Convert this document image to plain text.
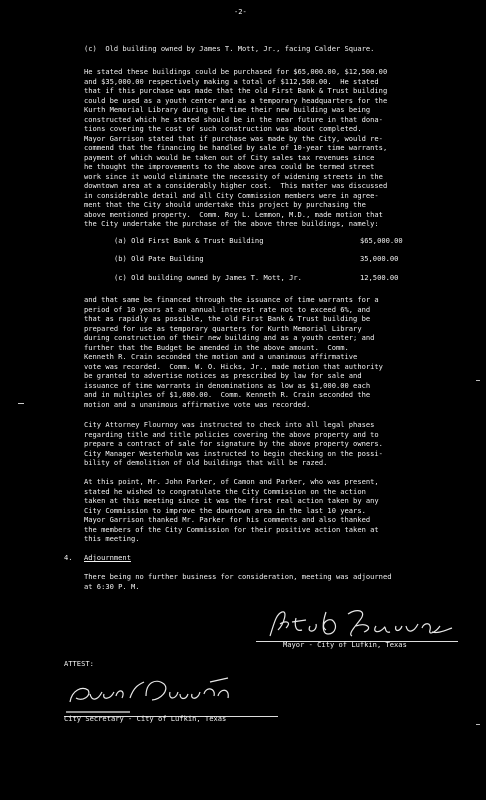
-2-
(c)  Old building owned by James T. Mott, Jr., facing Calder Square.
He stated these buildings could be purchased for $65,000.00, $12,500.00
and $35,000.00 respectively making a total of $112,500.00.  He stated
that if this purchase was made that the old First Bank & Trust building
could be used as a youth center and as a temporary headquarters for the
Kurth Memorial Library during the time their new building was being
constructed which he stated should be in the near future in that dona-
tions covering the cost of such construction was about completed.
Mayor Garrison stated that if purchase was made by the City, would re-
commend that the financing be handled by sale of 10-year time warrants,
payment of which would be taken out of City sales tax revenues since
he thought the improvements to the above area could be termed street
work since it would eliminate the necessity of widening streets in the
downtown area at a considerably higher cost.  This matter was discussed
in considerable detail and all City Commission members were in agree-
ment that the City should undertake this project by purchasing the
above mentioned property.  Comm. Roy L. Lemmon, M.D., made motion that
the City undertake the purchase of the above three buildings, namely:
(a) Old First Bank & Trust Building	$65,000.00
(b) Old Pate Building	35,000.00
(c) Old building owned by James T. Mott, Jr.	12,500.00
and that same be financed through the issuance of time warrants for a
period of 10 years at an annual interest rate not to exceed 6%, and
that as rapidly as possible, the old First Bank & Trust building be
prepared for use as temporary quarters for Kurth Memorial Library
during construction of their new building and as a youth center; and
further that the Budget be amended in the above amount.  Comm.
Kenneth R. Crain seconded the motion and a unanimous affirmative
vote was recorded.  Comm. W. O. Hicks, Jr., made motion that authority
be granted to advertise notices as prescribed by law for sale and
issuance of time warrants in denominations as low as $1,000.00 each
and in multiples of $1,000.00.  Comm. Kenneth R. Crain seconded the
motion and a unanimous affirmative vote was recorded.
City Attorney Flournoy was instructed to check into all legal phases
regarding title and title policies covering the above property and to
prepare a contract of sale for signature by the above property owners.
City Manager Westerholm was instructed to begin checking on the possi-
bility of demolition of old buildings that will be razed.
At this point, Mr. John Parker, of Camon and Parker, who was present,
stated he wished to congratulate the City Commission on the action
taken at this meeting since it was the first real action taken by any
City Commission to improve the downtown area in the last 10 years.
Mayor Garrison thanked Mr. Parker for his comments and also thanked
the members of the City Commission for their positive action taken at
this meeting.
4. Adjournment
There being no further business for consideration, meeting was adjourned
at 6:30 P. M.
Mayor - City of Lufkin, Texas
ATTEST:
City Secretary - City of Lufkin, Texas
